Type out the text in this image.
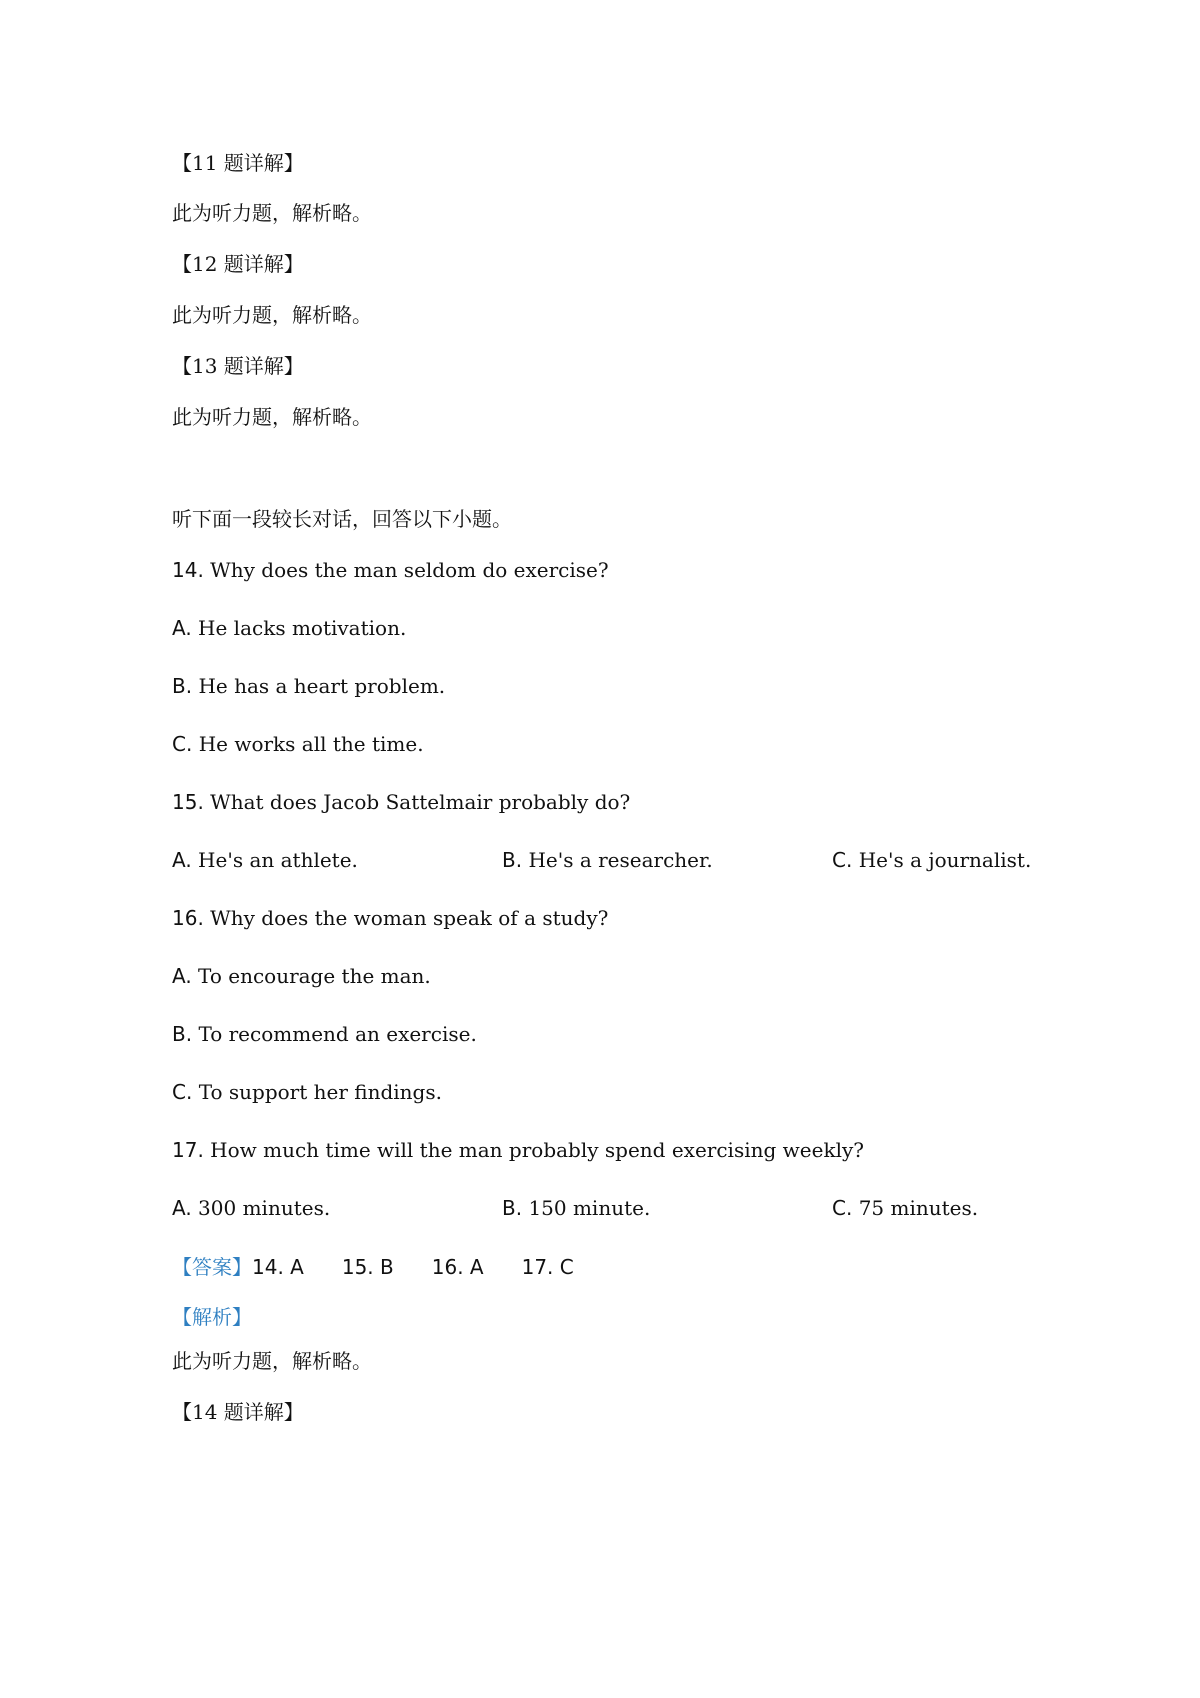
【11 题详解】
此为听力题，解析略。
【12 题详解】
此为听力题，解析略。
【13 题详解】
此为听力题，解析略。
听下面一段较长对话，回答以下小题。
14. Why does the man seldom do exercise?
A. He lacks motivation.
B. He has a heart problem.
C. He works all the time.
15. What does Jacob Sattelmair probably do?
A. He's an athlete.	B. He's a researcher.	C. He's a journalist.
16. Why does the woman speak of a study?
A. To encourage the man.
B. To recommend an exercise.
C. To support her findings.
17. How much time will the man probably spend exercising weekly?
A. 300 minutes.	B. 150 minute.	C. 75 minutes.
【答案】14. A 15. B 16. A 17. C
【解析】
此为听力题，解析略。
【14 题详解】
